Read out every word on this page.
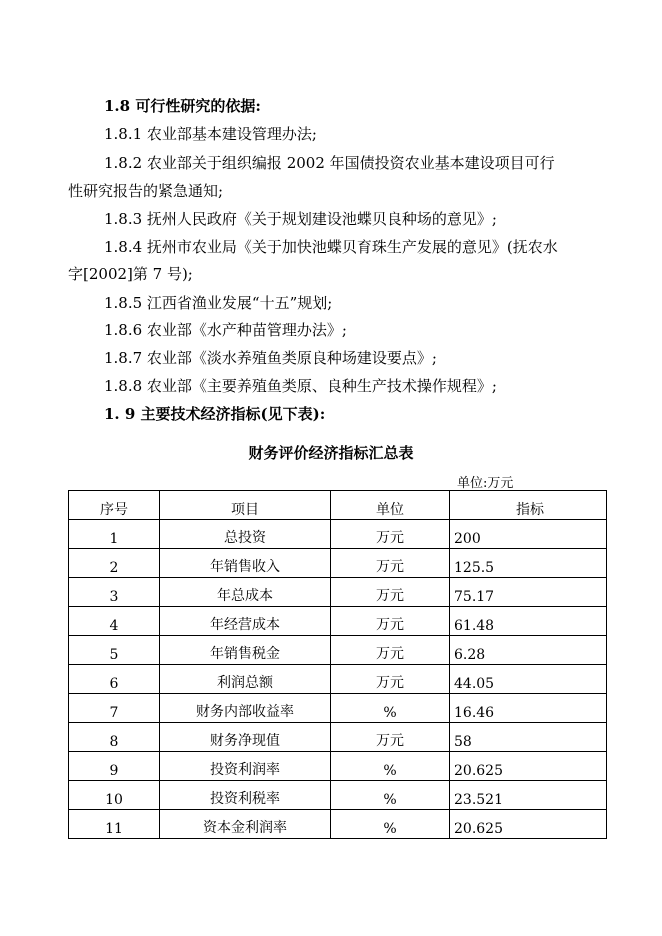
1.8 可行性研究的依据:
1.8.1 农业部基本建设管理办法;
1.8.2 农业部关于组织编报 2002 年国债投资农业基本建设项目可行
性研究报告的紧急通知;
1.8.3 抚州人民政府《关于规划建设池蝶贝良种场的意见》;
1.8.4 抚州市农业局《关于加快池蝶贝育珠生产发展的意见》(抚农水
字[2002]第 7 号);
1.8.5 江西省渔业发展“十五”规划;
1.8.6 农业部《水产种苗管理办法》;
1.8.7 农业部《淡水养殖鱼类原良种场建设要点》;
1.8.8 农业部《主要养殖鱼类原、良种生产技术操作规程》;
1. 9 主要技术经济指标(见下表):
财务评价经济指标汇总表
单位:万元
序号	项目	单位	指标
1	总投资	万元	200
2	年销售收入	万元	125.5
3	年总成本	万元	75.17
4	年经营成本	万元	61.48
5	年销售税金	万元	6.28
6	利润总额	万元	44.05
7	财务内部收益率	%	16.46
8	财务净现值	万元	58
9	投资利润率	%	20.625
10	投资利税率	%	23.521
11	资本金利润率	%	20.625
